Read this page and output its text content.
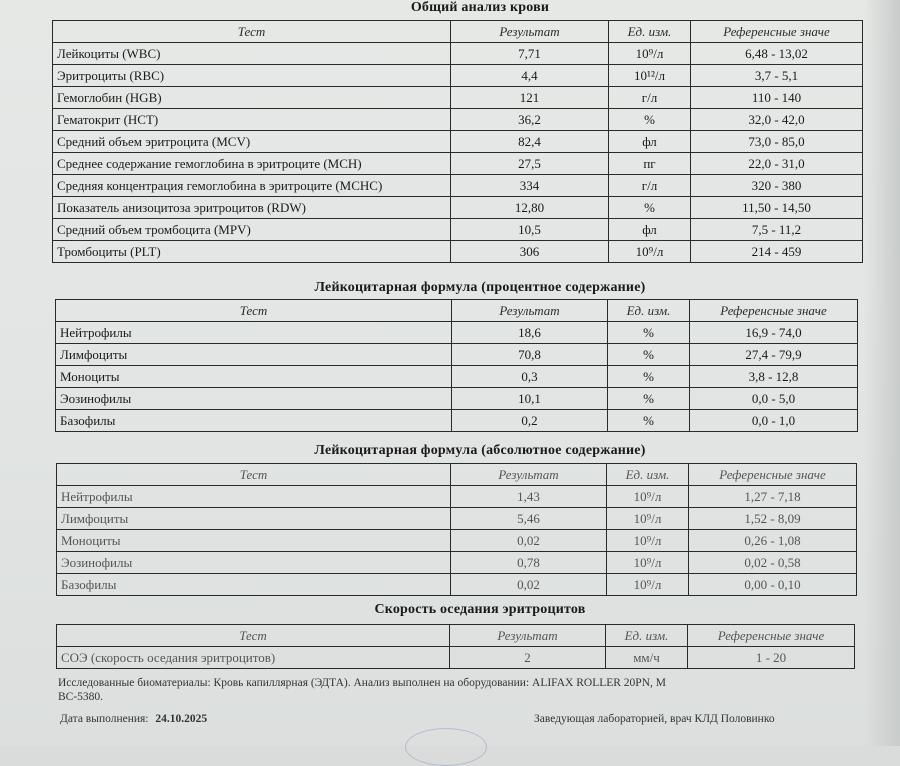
Общий анализ крови
Тест	Результат	Ед. изм.	Референсные значе
Лейкоциты (WBC)	7,71	10⁹/л	6,48 - 13,02
Эритроциты (RBC)	4,4	10¹²/л	3,7 - 5,1
Гемоглобин (HGB)	121	г/л	110 - 140
Гематокрит (НСТ)	36,2	%	32,0 - 42,0
Средний объем эритроцита (MCV)	82,4	фл	73,0 - 85,0
Среднее содержание гемоглобина в эритроците (МСН)	27,5	пг	22,0 - 31,0
Средняя концентрация гемоглобина в эритроците (MCHC)	334	г/л	320 - 380
Показатель анизоцитоза эритроцитов (RDW)	12,80	%	11,50 - 14,50
Средний объем тромбоцита (MPV)	10,5	фл	7,5 - 11,2
Тромбоциты (PLT)	306	10⁹/л	214 - 459
Лейкоцитарная формула (процентное содержание)
Тест	Результат	Ед. изм.	Референсные значе
Нейтрофилы	18,6	%	16,9 - 74,0
Лимфоциты	70,8	%	27,4 - 79,9
Моноциты	0,3	%	3,8 - 12,8
Эозинофилы	10,1	%	0,0 - 5,0
Базофилы	0,2	%	0,0 - 1,0
Лейкоцитарная формула (абсолютное содержание)
Тест	Результат	Ед. изм.	Референсные значе
Нейтрофилы	1,43	10⁹/л	1,27 - 7,18
Лимфоциты	5,46	10⁹/л	1,52 - 8,09
Моноциты	0,02	10⁹/л	0,26 - 1,08
Эозинофилы	0,78	10⁹/л	0,02 - 0,58
Базофилы	0,02	10⁹/л	0,00 - 0,10
Скорость оседания эритроцитов
Тест	Результат	Ед. изм.	Референсные значе
СОЭ (скорость оседания эритроцитов)	2	мм/ч	1 - 20
Исследованные биоматериалы: Кровь капиллярная (ЭДТА). Анализ выполнен на оборудовании: ALIFAX ROLLER 20PN, M
BC-5380.
Дата выполнения: 24.10.2025	Заведующая лабораторией, врач КЛД Половинко
